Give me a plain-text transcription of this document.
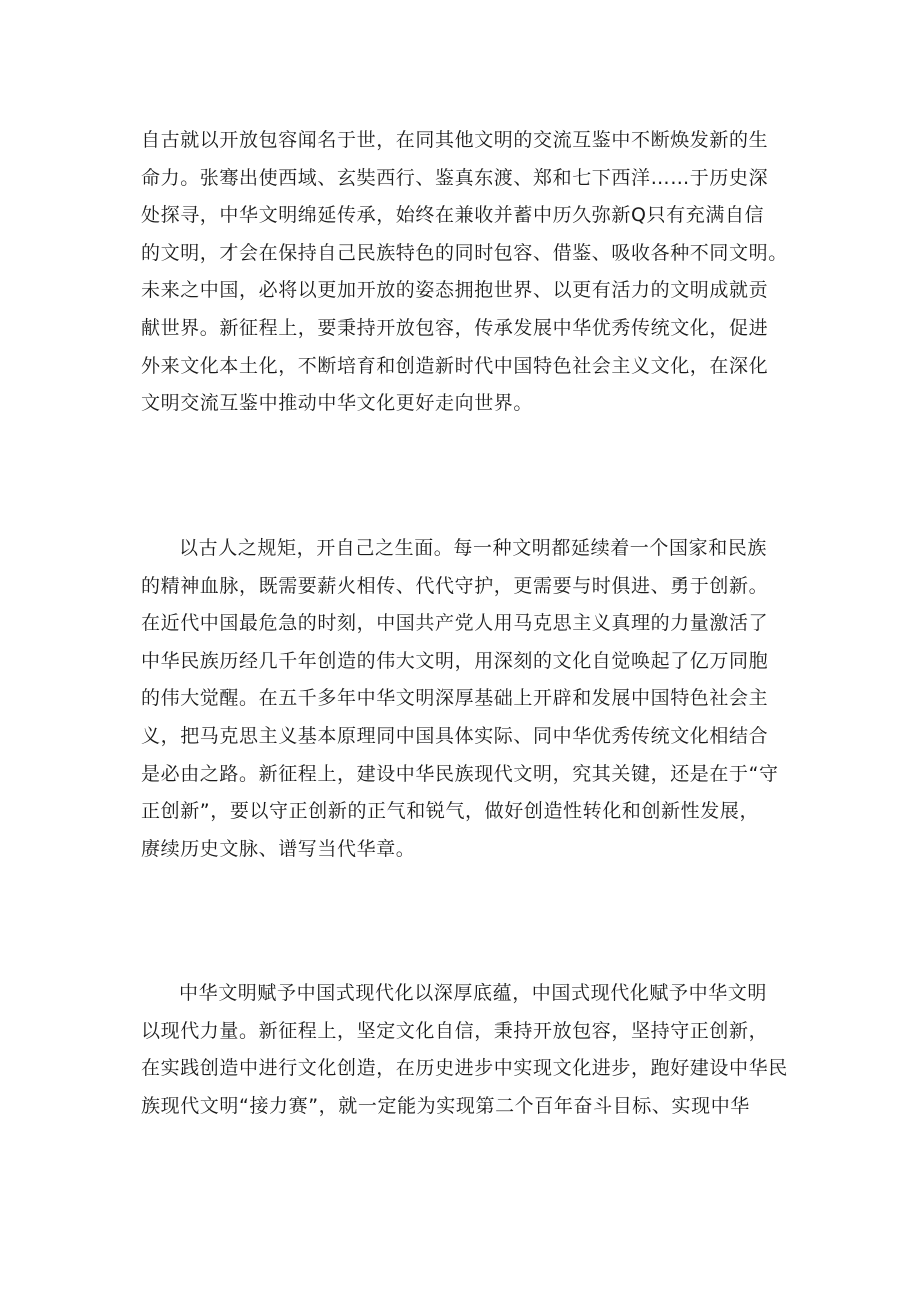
自古就以开放包容闻名于世，在同其他文明的交流互鉴中不断焕发新的生
命力。张骞出使西域、玄奘西行、鉴真东渡、郑和七下西洋……于历史深
处探寻，中华文明绵延传承，始终在兼收并蓄中历久弥新Q只有充满自信
的文明，才会在保持自己民族特色的同时包容、借鉴、吸收各种不同文明。
未来之中国，必将以更加开放的姿态拥抱世界、以更有活力的文明成就贡
献世界。新征程上，要秉持开放包容，传承发展中华优秀传统文化，促进
外来文化本土化，不断培育和创造新时代中国特色社会主义文化，在深化
文明交流互鉴中推动中华文化更好走向世界。
以古人之规矩，开自己之生面。每一种文明都延续着一个国家和民族
的精神血脉，既需要薪火相传、代代守护，更需要与时俱进、勇于创新。
在近代中国最危急的时刻，中国共产党人用马克思主义真理的力量激活了
中华民族历经几千年创造的伟大文明，用深刻的文化自觉唤起了亿万同胞
的伟大觉醒。在五千多年中华文明深厚基础上开辟和发展中国特色社会主
义，把马克思主义基本原理同中国具体实际、同中华优秀传统文化相结合
是必由之路。新征程上，建设中华民族现代文明，究其关键，还是在于“守
正创新”，要以守正创新的正气和锐气，做好创造性转化和创新性发展，
赓续历史文脉、谱写当代华章。
中华文明赋予中国式现代化以深厚底蕴，中国式现代化赋予中华文明
以现代力量。新征程上，坚定文化自信，秉持开放包容，坚持守正创新，
在实践创造中进行文化创造，在历史进步中实现文化进步，跑好建设中华民
族现代文明“接力赛”，就一定能为实现第二个百年奋斗目标、实现中华
